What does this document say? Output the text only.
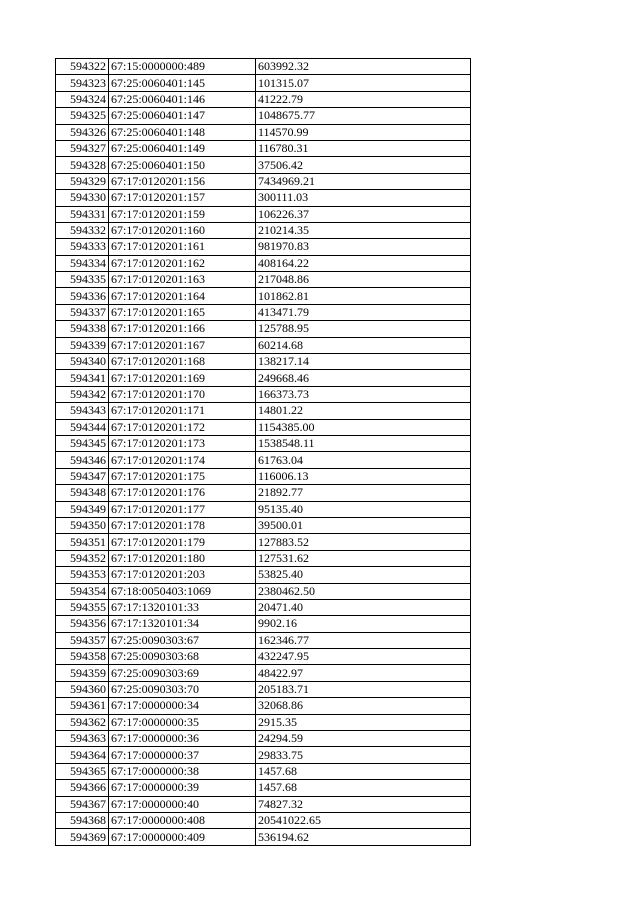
594322	67:15:0000000:489	603992.32
594323	67:25:0060401:145	101315.07
594324	67:25:0060401:146	41222.79
594325	67:25:0060401:147	1048675.77
594326	67:25:0060401:148	114570.99
594327	67:25:0060401:149	116780.31
594328	67:25:0060401:150	37506.42
594329	67:17:0120201:156	7434969.21
594330	67:17:0120201:157	300111.03
594331	67:17:0120201:159	106226.37
594332	67:17:0120201:160	210214.35
594333	67:17:0120201:161	981970.83
594334	67:17:0120201:162	408164.22
594335	67:17:0120201:163	217048.86
594336	67:17:0120201:164	101862.81
594337	67:17:0120201:165	413471.79
594338	67:17:0120201:166	125788.95
594339	67:17:0120201:167	60214.68
594340	67:17:0120201:168	138217.14
594341	67:17:0120201:169	249668.46
594342	67:17:0120201:170	166373.73
594343	67:17:0120201:171	14801.22
594344	67:17:0120201:172	1154385.00
594345	67:17:0120201:173	1538548.11
594346	67:17:0120201:174	61763.04
594347	67:17:0120201:175	116006.13
594348	67:17:0120201:176	21892.77
594349	67:17:0120201:177	95135.40
594350	67:17:0120201:178	39500.01
594351	67:17:0120201:179	127883.52
594352	67:17:0120201:180	127531.62
594353	67:17:0120201:203	53825.40
594354	67:18:0050403:1069	2380462.50
594355	67:17:1320101:33	20471.40
594356	67:17:1320101:34	9902.16
594357	67:25:0090303:67	162346.77
594358	67:25:0090303:68	432247.95
594359	67:25:0090303:69	48422.97
594360	67:25:0090303:70	205183.71
594361	67:17:0000000:34	32068.86
594362	67:17:0000000:35	2915.35
594363	67:17:0000000:36	24294.59
594364	67:17:0000000:37	29833.75
594365	67:17:0000000:38	1457.68
594366	67:17:0000000:39	1457.68
594367	67:17:0000000:40	74827.32
594368	67:17:0000000:408	20541022.65
594369	67:17:0000000:409	536194.62
